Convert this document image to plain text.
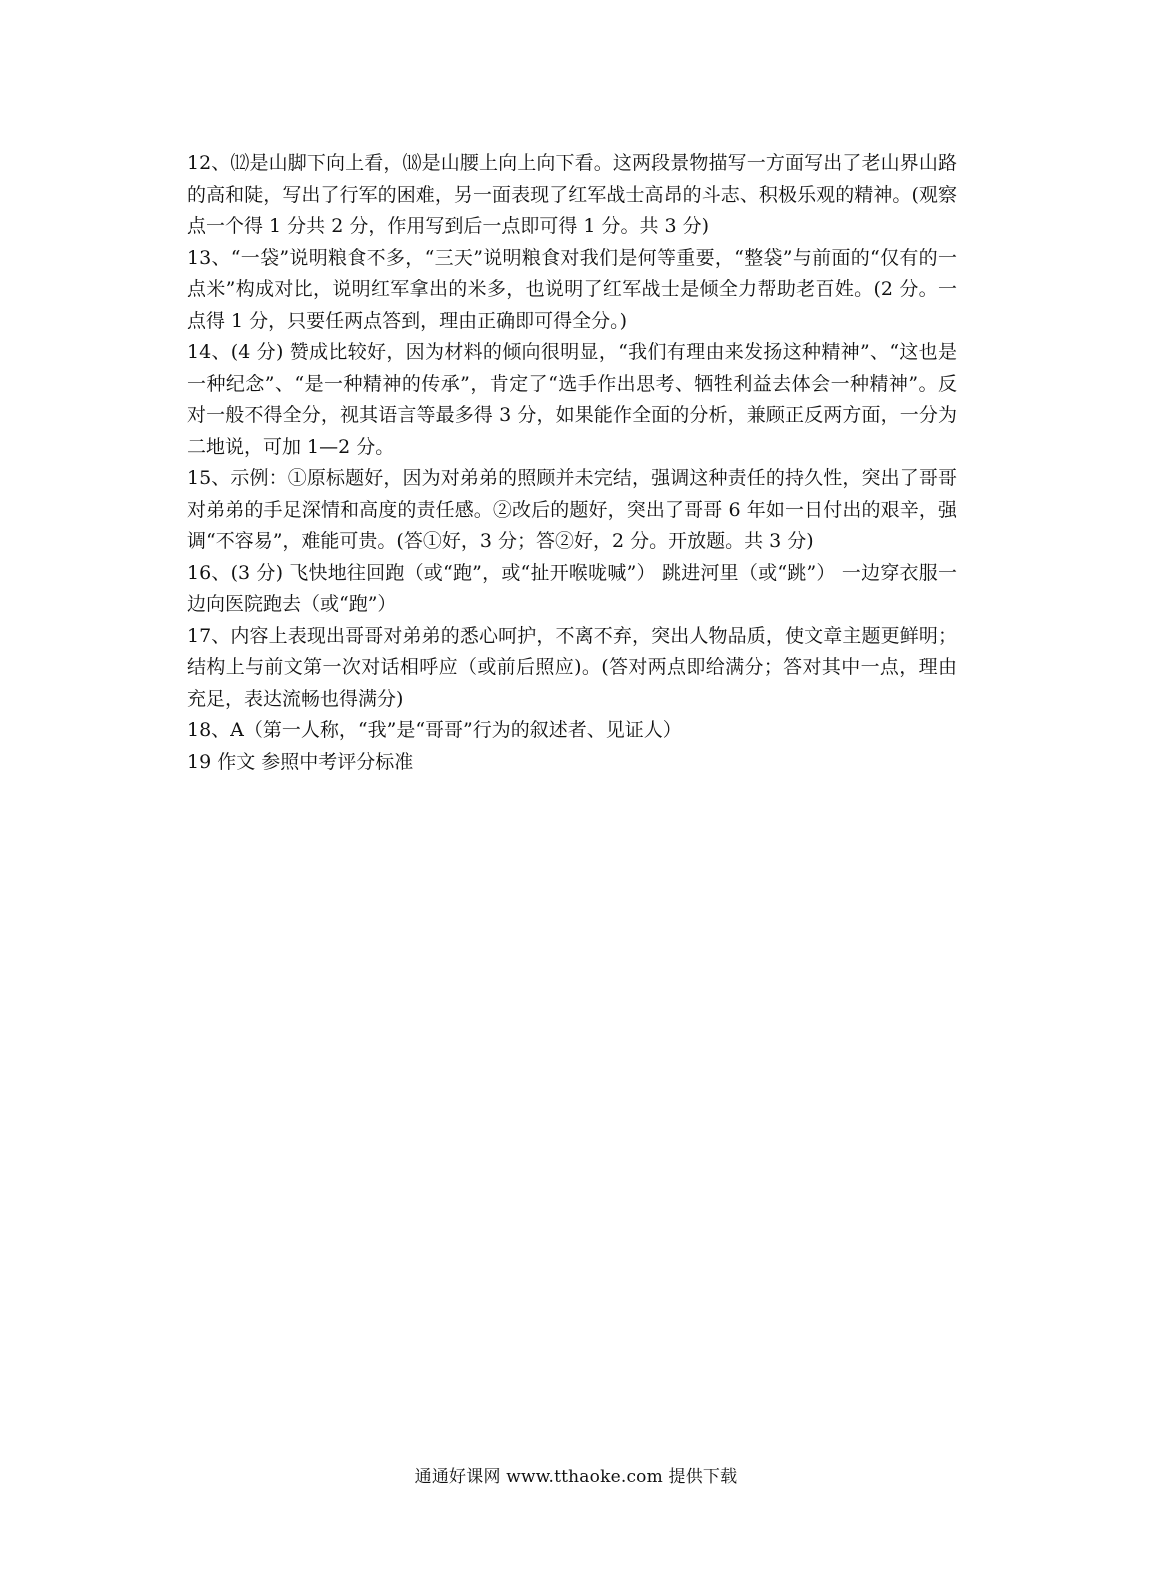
12、⑿是山脚下向上看，⒅是山腰上向上向下看。这两段景物描写一方面写出了老山界山路的高和陡，写出了行军的困难，另一面表现了红军战士高昂的斗志、积极乐观的精神。(观察点一个得 1 分共 2 分，作用写到后一点即可得 1 分。共 3 分)

13、“一袋”说明粮食不多，“三天”说明粮食对我们是何等重要，“整袋”与前面的“仅有的一点米”构成对比，说明红军拿出的米多，也说明了红军战士是倾全力帮助老百姓。(2 分。一点得 1 分，只要任两点答到，理由正确即可得全分。)

14、(4 分) 赞成比较好，因为材料的倾向很明显，“我们有理由来发扬这种精神”、“这也是一种纪念”、“是一种精神的传承”，肯定了“选手作出思考、牺牲利益去体会一种精神”。反对一般不得全分，视其语言等最多得 3 分，如果能作全面的分析，兼顾正反两方面，一分为二地说，可加 1—2 分。

15、示例：①原标题好，因为对弟弟的照顾并未完结，强调这种责任的持久性，突出了哥哥对弟弟的手足深情和高度的责任感。②改后的题好，突出了哥哥 6 年如一日付出的艰辛，强调“不容易”，难能可贵。(答①好，3 分；答②好，2 分。开放题。共 3 分)

16、(3 分) 飞快地往回跑（或“跑”，或“扯开喉咙喊”） 跳进河里（或“跳”） 一边穿衣服一边向医院跑去（或“跑”）

17、内容上表现出哥哥对弟弟的悉心呵护，不离不弃，突出人物品质，使文章主题更鲜明；结构上与前文第一次对话相呼应（或前后照应)。(答对两点即给满分；答对其中一点，理由充足，表达流畅也得满分)

18、A（第一人称，“我”是“哥哥”行为的叙述者、见证人）

19 作文 参照中考评分标准

通通好课网 www.tthaoke.com 提供下载
